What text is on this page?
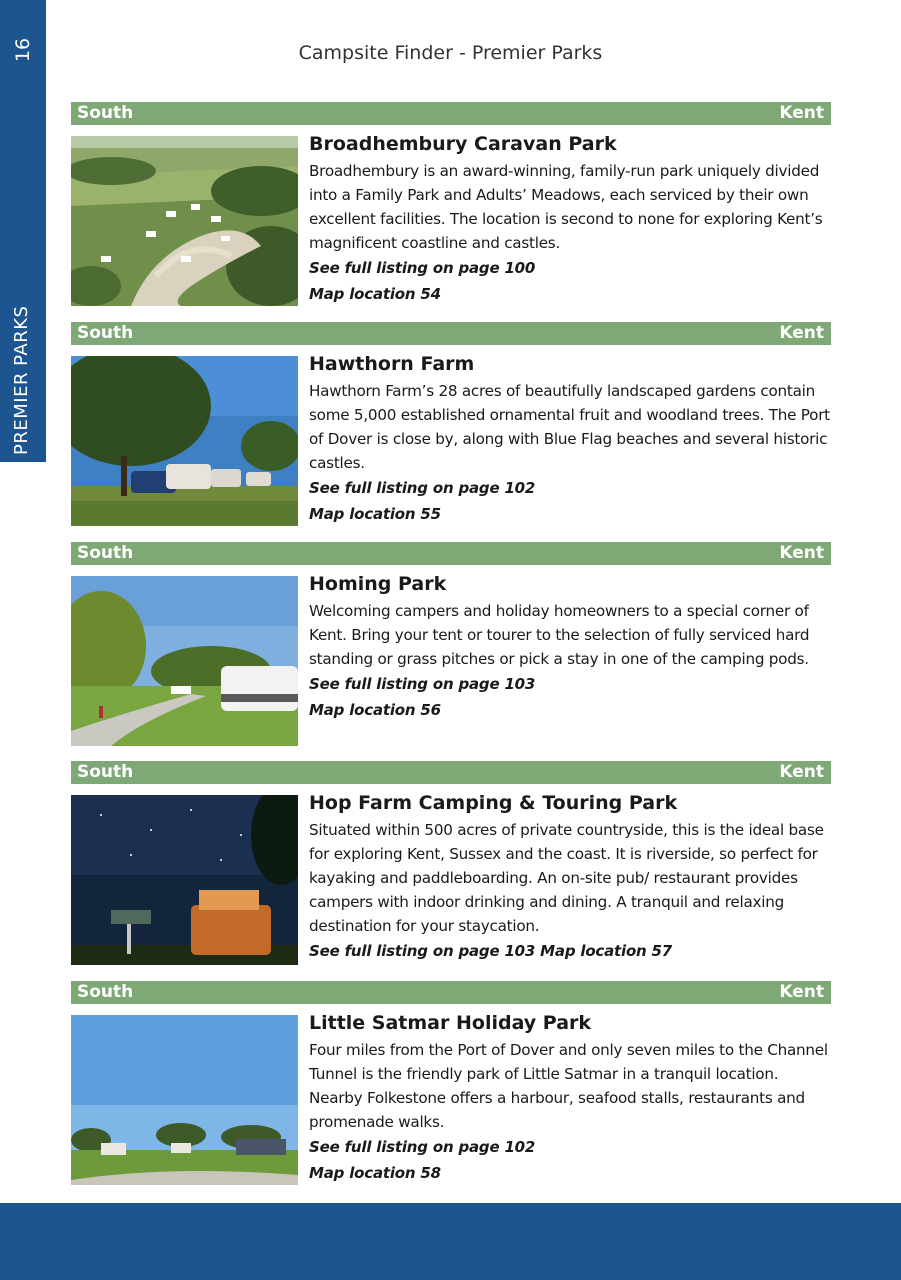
16
PREMIER PARKS
Campsite Finder - Premier Parks
South	Kent
Broadhembury Caravan Park

Broadhembury is an award-winning, family-run park uniquely divided into a Family Park and Adults’ Meadows, each serviced by their own excellent facilities. The location is second to none for exploring Kent’s magnificent coastline and castles.

See full listing on page 100
Map location 54
South	Kent
Hawthorn Farm

Hawthorn Farm’s 28 acres of beautifully landscaped gardens contain some 5,000 established ornamental fruit and woodland trees. The Port of Dover is close by, along with Blue Flag beaches and several historic castles.

See full listing on page 102
Map location 55
South	Kent
Homing Park

Welcoming campers and holiday homeowners to a special corner of Kent. Bring your tent or tourer to the selection of fully serviced hard standing or grass pitches or pick a stay in one of the camping pods.

See full listing on page 103
Map location 56
South	Kent
Hop Farm Camping & Touring Park

Situated within 500 acres of private countryside, this is the ideal base for exploring Kent, Sussex and the coast. It is riverside, so perfect for kayaking and paddleboarding. An on-site pub/ restaurant provides campers with indoor drinking and dining. A tranquil and relaxing destination for your staycation.

See full listing on page 103 Map location 57
South	Kent
Little Satmar Holiday Park

Four miles from the Port of Dover and only seven miles to the Channel Tunnel is the friendly park of Little Satmar in a tranquil location. Nearby Folkestone offers a harbour, seafood stalls, restaurants and promenade walks.

See full listing on page 102
Map location 58
